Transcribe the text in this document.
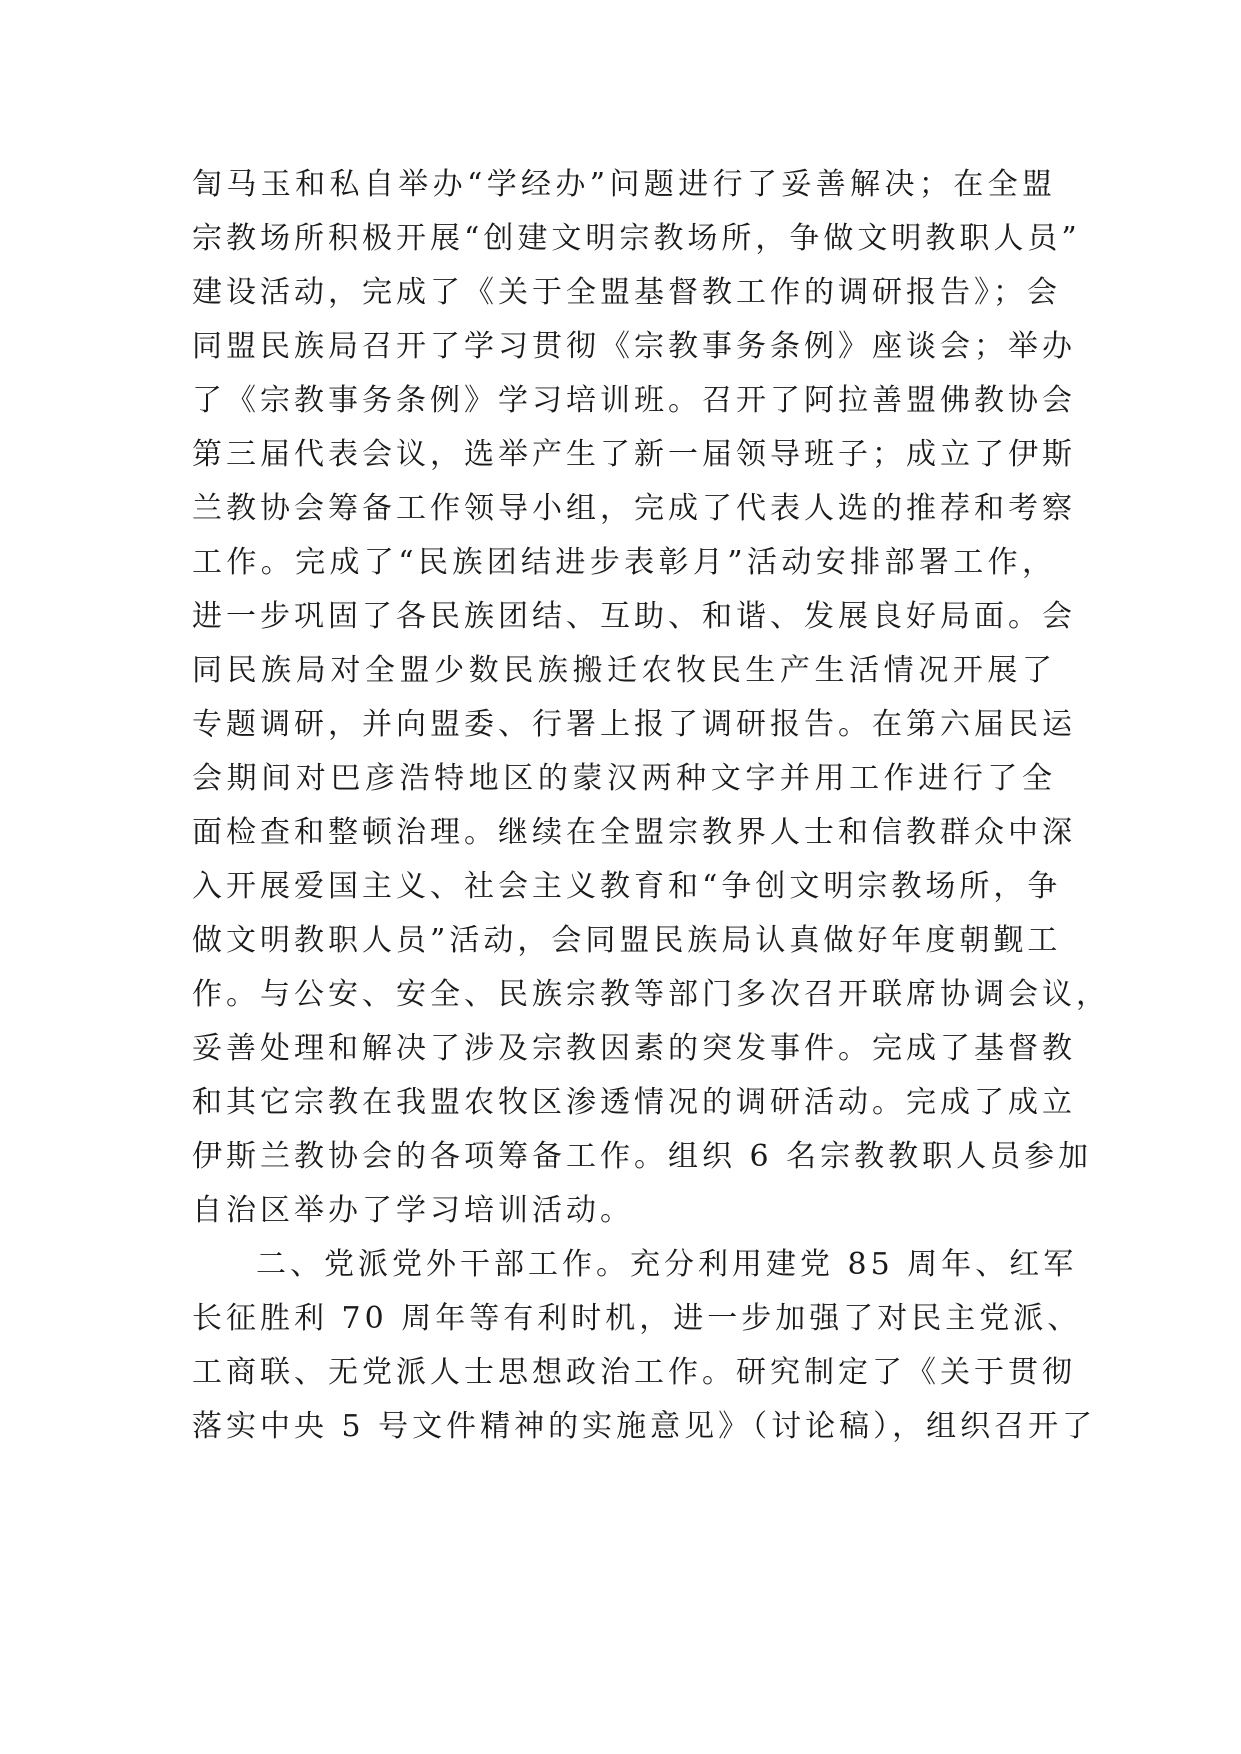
訇马玉和私自举办“学经办”问题进行了妥善解决；在全盟
宗教场所积极开展“创建文明宗教场所，争做文明教职人员”
建设活动，完成了《关于全盟基督教工作的调研报告》；会
同盟民族局召开了学习贯彻《宗教事务条例》座谈会；举办
了《宗教事务条例》学习培训班。召开了阿拉善盟佛教协会
第三届代表会议，选举产生了新一届领导班子；成立了伊斯
兰教协会筹备工作领导小组，完成了代表人选的推荐和考察
工作。完成了“民族团结进步表彰月”活动安排部署工作，
进一步巩固了各民族团结、互助、和谐、发展良好局面。会
同民族局对全盟少数民族搬迁农牧民生产生活情况开展了
专题调研，并向盟委、行署上报了调研报告。在第六届民运
会期间对巴彦浩特地区的蒙汉两种文字并用工作进行了全
面检查和整顿治理。继续在全盟宗教界人士和信教群众中深
入开展爱国主义、社会主义教育和“争创文明宗教场所，争
做文明教职人员”活动，会同盟民族局认真做好年度朝觐工
作。与公安、安全、民族宗教等部门多次召开联席协调会议，
妥善处理和解决了涉及宗教因素的突发事件。完成了基督教
和其它宗教在我盟农牧区渗透情况的调研活动。完成了成立
伊斯兰教协会的各项筹备工作。组织 6 名宗教教职人员参加
自治区举办了学习培训活动。
二、党派党外干部工作。充分利用建党 85 周年、红军
长征胜利 70 周年等有利时机，进一步加强了对民主党派、
工商联、无党派人士思想政治工作。研究制定了《关于贯彻
落实中央 5 号文件精神的实施意见》（讨论稿），组织召开了
